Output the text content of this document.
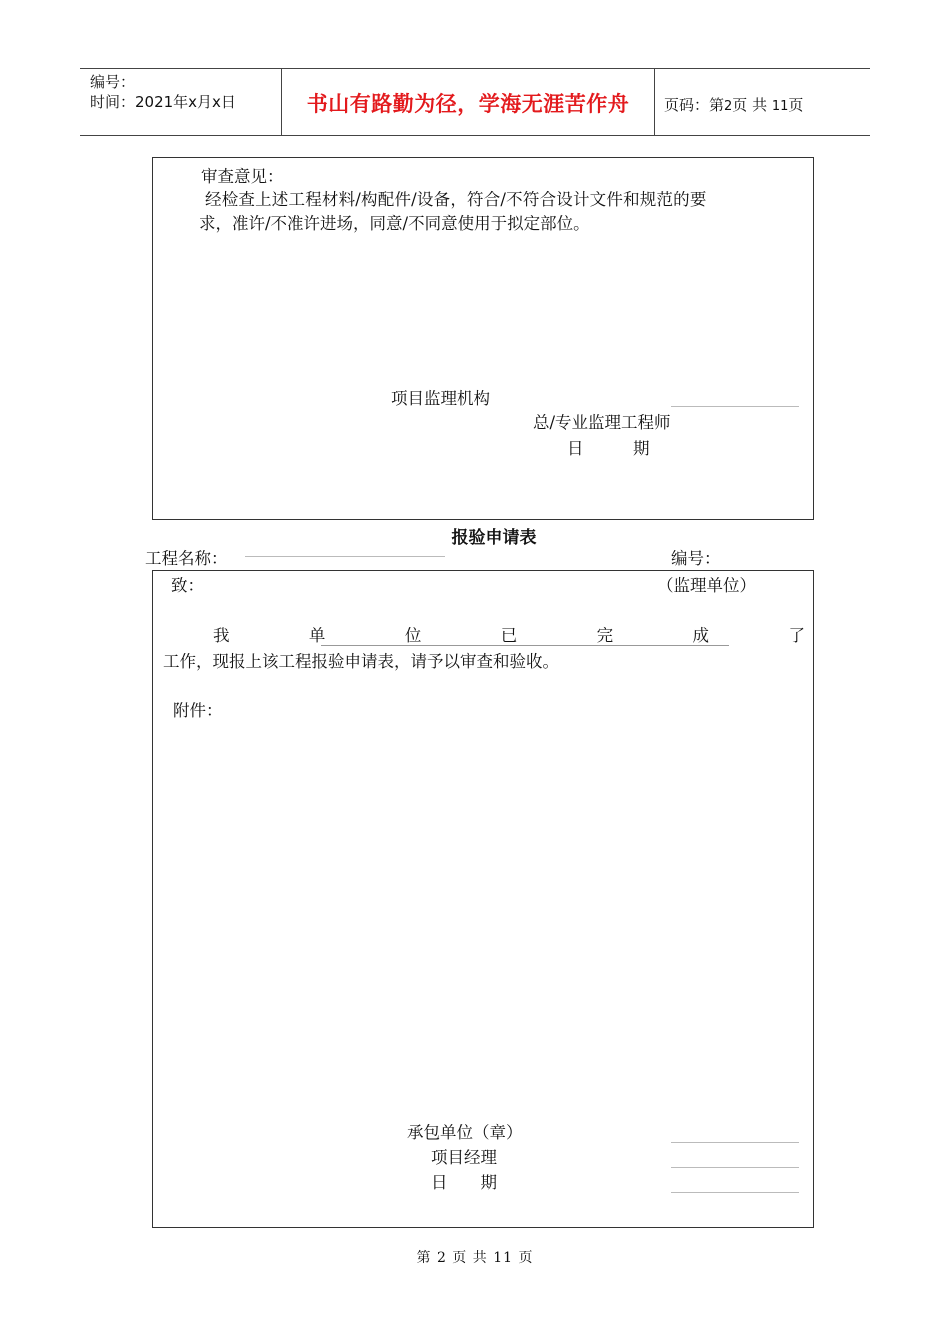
编号：
时间：2021年x月x日	书山有路勤为径，学海无涯苦作舟	页码：第2页 共 11页
审查意见：
经检查上述工程材料/构配件/设备，符合/不符合设计文件和规范的要
求，准许/不准许进场，同意/不同意使用于拟定部位。
项目监理机构
总/专业监理工程师
日　　　期
报验申请表
工程名称：	编号：
致：	（监理单位）
我	单	位	已	完	成	了
工作，现报上该工程报验申请表，请予以审查和验收。
附件：
承包单位（章）
项目经理
日　　期
第 2 页 共 11 页
